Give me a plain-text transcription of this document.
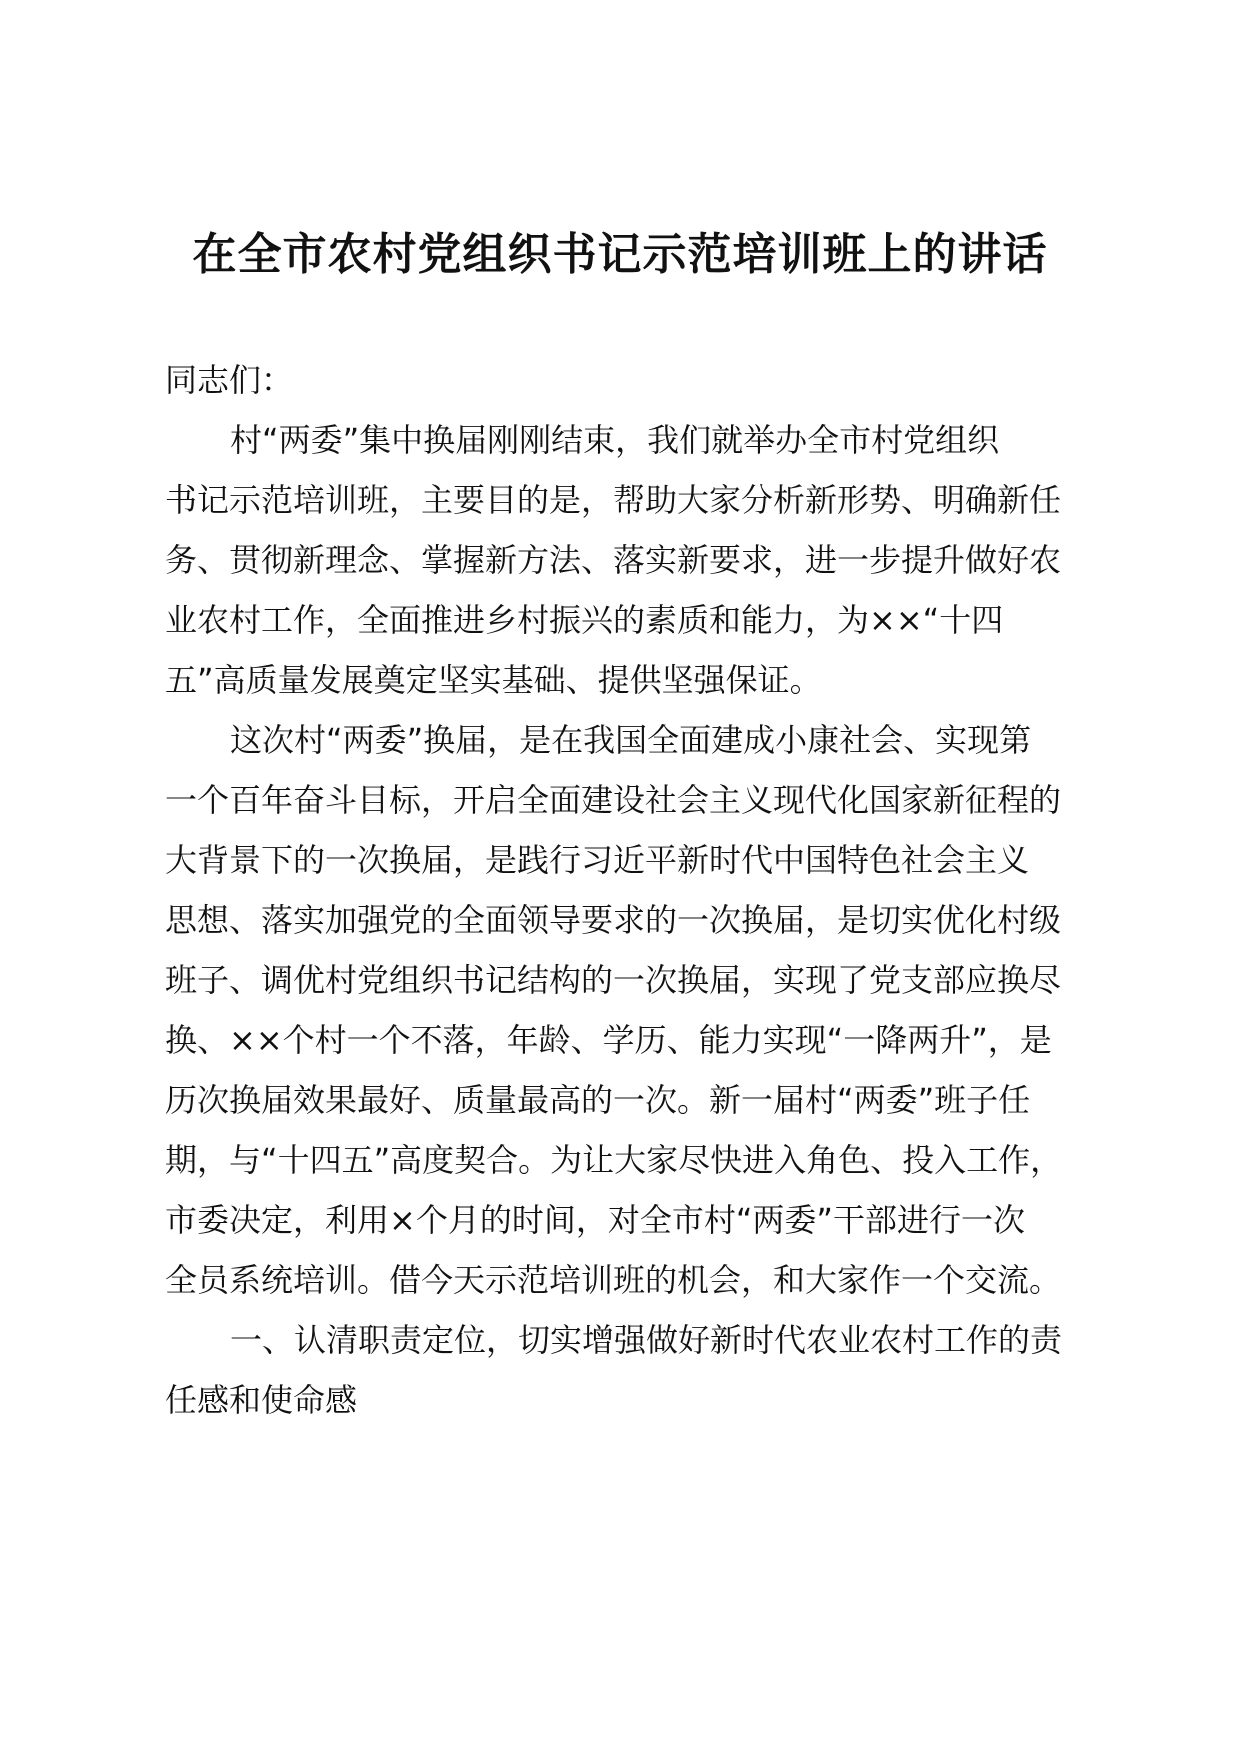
在全市农村党组织书记示范培训班上的讲话

同志们：

村“两委”集中换届刚刚结束，我们就举办全市村党组织

书记示范培训班，主要目的是，帮助大家分析新形势、明确新任

务、贯彻新理念、掌握新方法、落实新要求，进一步提升做好农

业农村工作，全面推进乡村振兴的素质和能力，为××“十四

五”高质量发展奠定坚实基础、提供坚强保证。

这次村“两委”换届，是在我国全面建成小康社会、实现第

一个百年奋斗目标，开启全面建设社会主义现代化国家新征程的

大背景下的一次换届，是践行习近平新时代中国特色社会主义

思想、落实加强党的全面领导要求的一次换届，是切实优化村级

班子、调优村党组织书记结构的一次换届，实现了党支部应换尽

换、××个村一个不落，年龄、学历、能力实现“一降两升”，是

历次换届效果最好、质量最高的一次。新一届村“两委”班子任

期，与“十四五”高度契合。为让大家尽快进入角色、投入工作，

市委决定，利用×个月的时间，对全市村“两委”干部进行一次

全员系统培训。借今天示范培训班的机会，和大家作一个交流。

一、认清职责定位，切实增强做好新时代农业农村工作的责

任感和使命感
